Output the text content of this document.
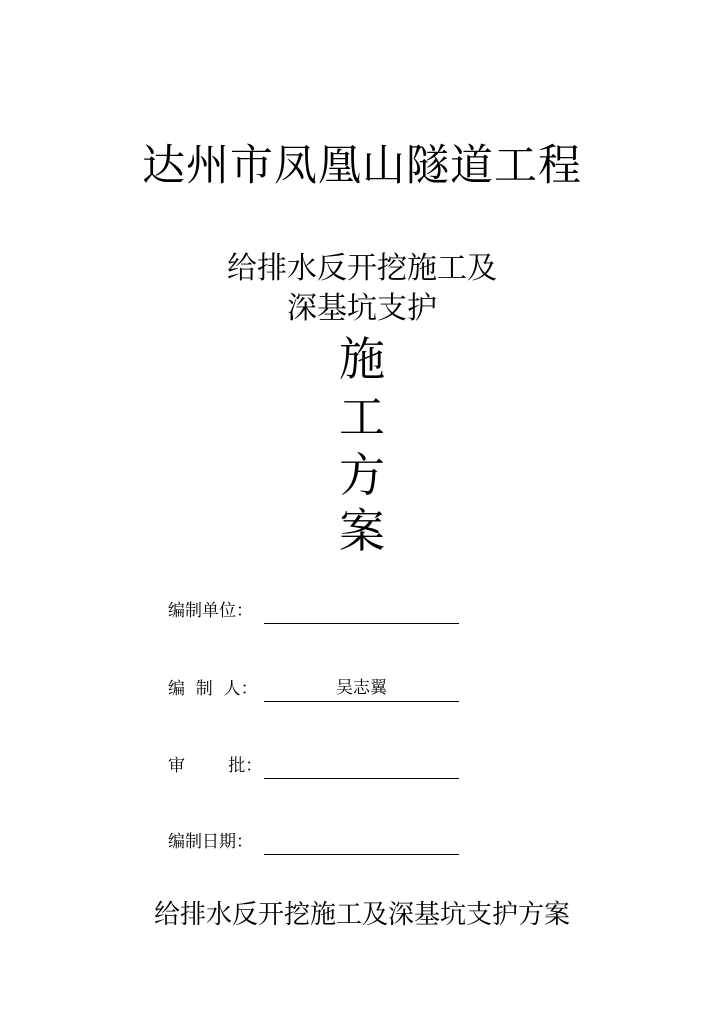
达州市凤凰山隧道工程
给排水反开挖施工及
深基坑支护
施
工
方
案
编制单位：
编  制  人：	吴志翼
审        批：
编制日期：
给排水反开挖施工及深基坑支护方案
